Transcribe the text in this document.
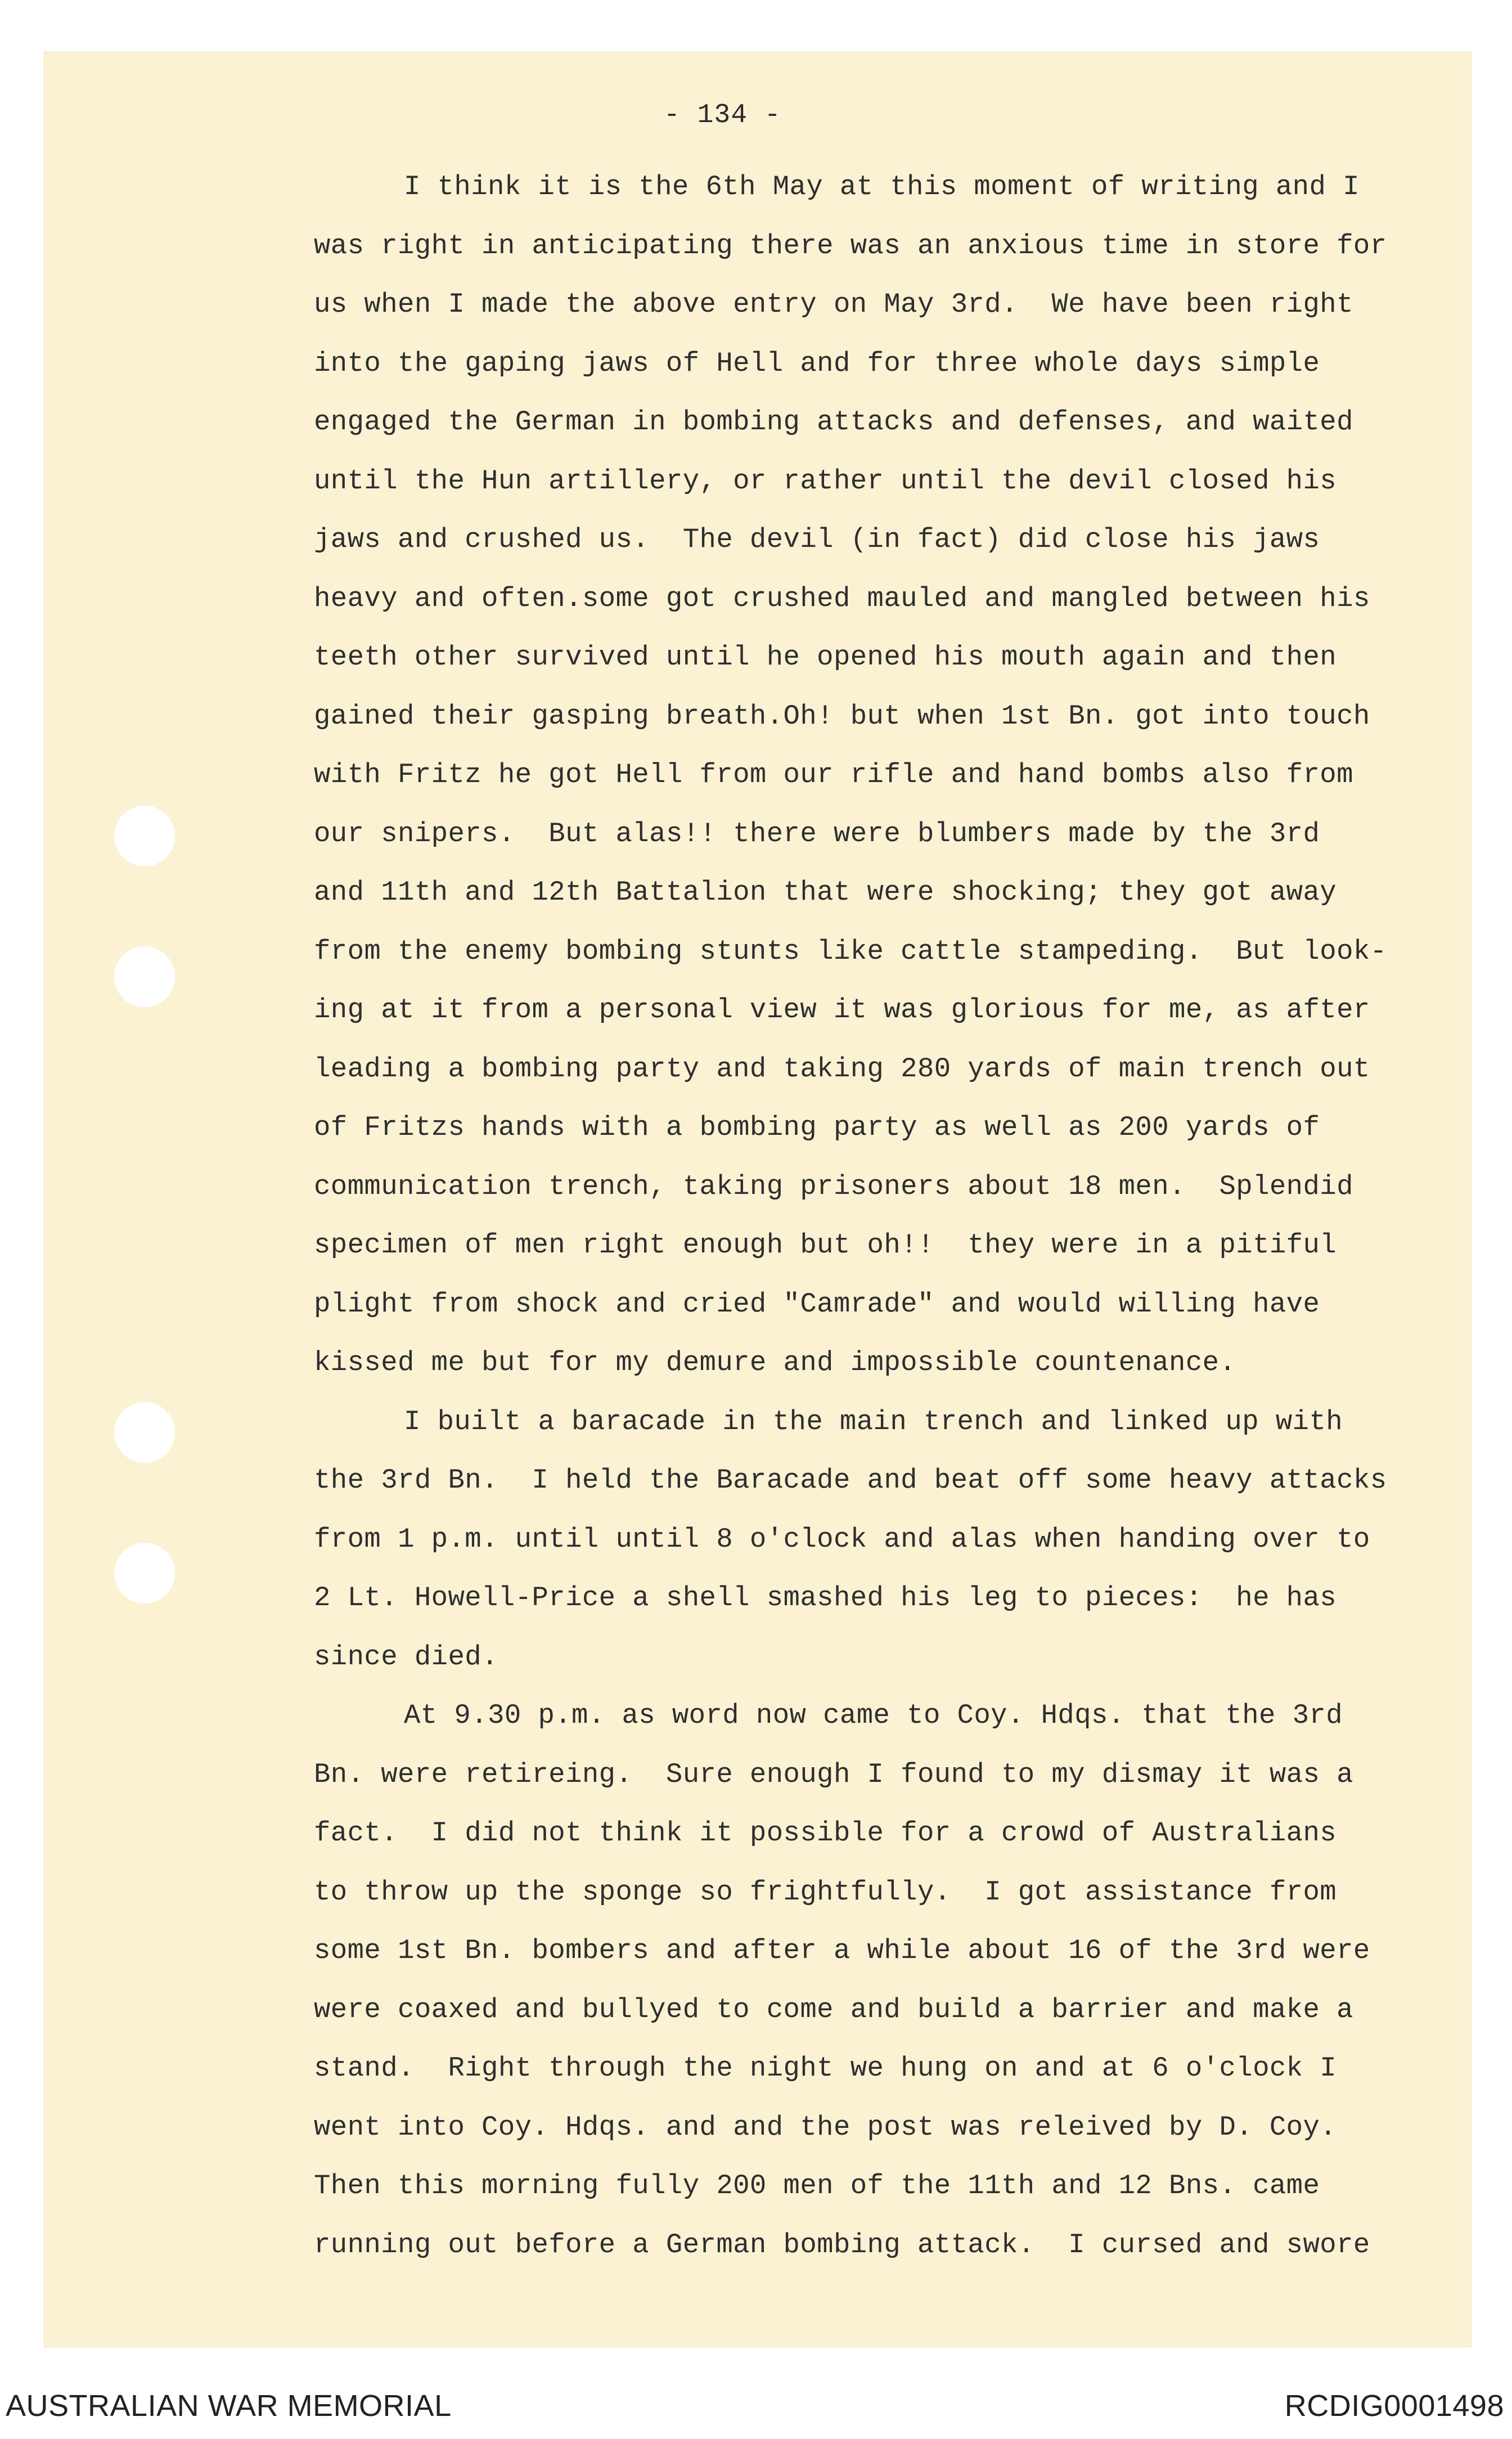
- 134 -
I think it is the 6th May at this moment of writing and I
was right in anticipating there was an anxious time in store for
us when I made the above entry on May 3rd.  We have been right
into the gaping jaws of Hell and for three whole days simple
engaged the German in bombing attacks and defenses, and waited
until the Hun artillery, or rather until the devil closed his
jaws and crushed us.  The devil (in fact) did close his jaws
heavy and often.some got crushed mauled and mangled between his
teeth other survived until he opened his mouth again and then
gained their gasping breath.Oh! but when 1st Bn. got into touch
with Fritz he got Hell from our rifle and hand bombs also from
our snipers.  But alas!! there were blumbers made by the 3rd
and 11th and 12th Battalion that were shocking; they got away
from the enemy bombing stunts like cattle stampeding.  But look-
ing at it from a personal view it was glorious for me, as after
leading a bombing party and taking 280 yards of main trench out
of Fritzs hands with a bombing party as well as 200 yards of
communication trench, taking prisoners about 18 men.  Splendid
specimen of men right enough but oh!!  they were in a pitiful
plight from shock and cried "Camrade" and would willing have
kissed me but for my demure and impossible countenance.
I built a baracade in the main trench and linked up with
the 3rd Bn.  I held the Baracade and beat off some heavy attacks
from 1 p.m. until until 8 o'clock and alas when handing over to
2 Lt. Howell-Price a shell smashed his leg to pieces:  he has
since died.
At 9.30 p.m. as word now came to Coy. Hdqs. that the 3rd
Bn. were retireing.  Sure enough I found to my dismay it was a
fact.  I did not think it possible for a crowd of Australians
to throw up the sponge so frightfully.  I got assistance from
some 1st Bn. bombers and after a while about 16 of the 3rd were
were coaxed and bullyed to come and build a barrier and make a
stand.  Right through the night we hung on and at 6 o'clock I
went into Coy. Hdqs. and and the post was releived by D. Coy.
Then this morning fully 200 men of the 11th and 12 Bns. came
running out before a German bombing attack.  I cursed and swore
AUSTRALIAN WAR MEMORIAL	RCDIG0001498
